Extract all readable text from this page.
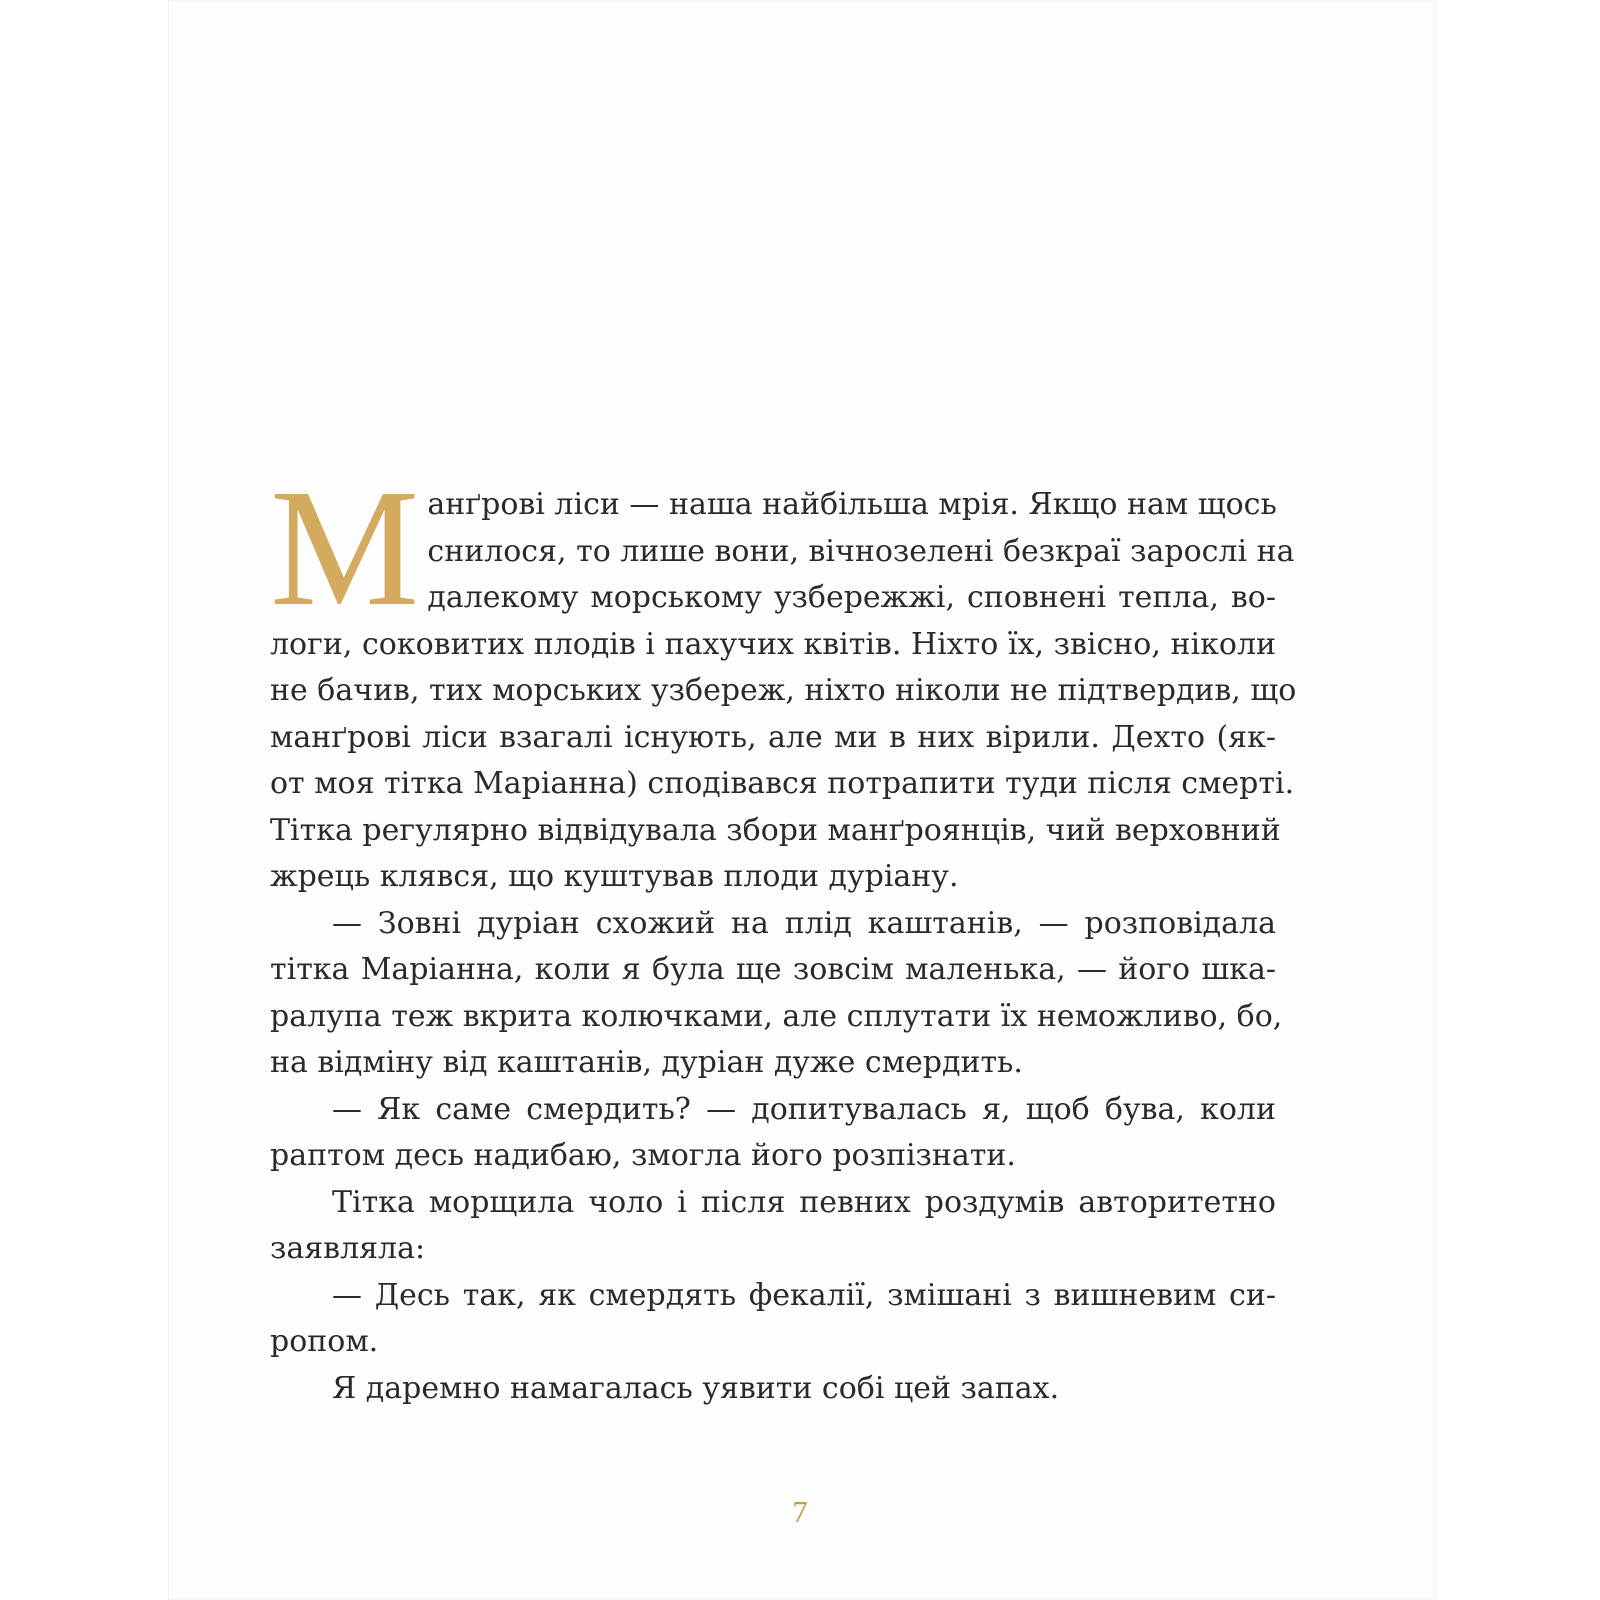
М анґрові ліси — наша найбільша мрія. Якщо нам щось
снилося, то лише вони, вічнозелені безкраї зарослі на
далекому морському узбережжі, сповнені тепла, во-
логи, соковитих плодів і пахучих квітів. Ніхто їх, звісно, ніколи
не бачив, тих морських узбереж, ніхто ніколи не підтвердив, що
манґрові ліси взагалі існують, але ми в них вірили. Дехто (як-
от моя тітка Маріанна) сподівався потрапити туди після смерті.
Тітка регулярно відвідувала збори манґроянців, чий верховний
жрець клявся, що куштував плоди дуріану.

— Зовні дуріан схожий на плід каштанів, — розповідала
тітка Маріанна, коли я була ще зовсім маленька, — його шка-
ралупа теж вкрита колючками, але сплутати їх неможливо, бо,
на відміну від каштанів, дуріан дуже смердить.

— Як саме смердить? — допитувалась я, щоб бува, коли
раптом десь надибаю, змогла його розпізнати.

Тітка морщила чоло і після певних роздумів авторитетно
заявляла:

— Десь так, як смердять фекалії, змішані з вишневим си-
ропом.

Я даремно намагалась уявити собі цей запах.

7
